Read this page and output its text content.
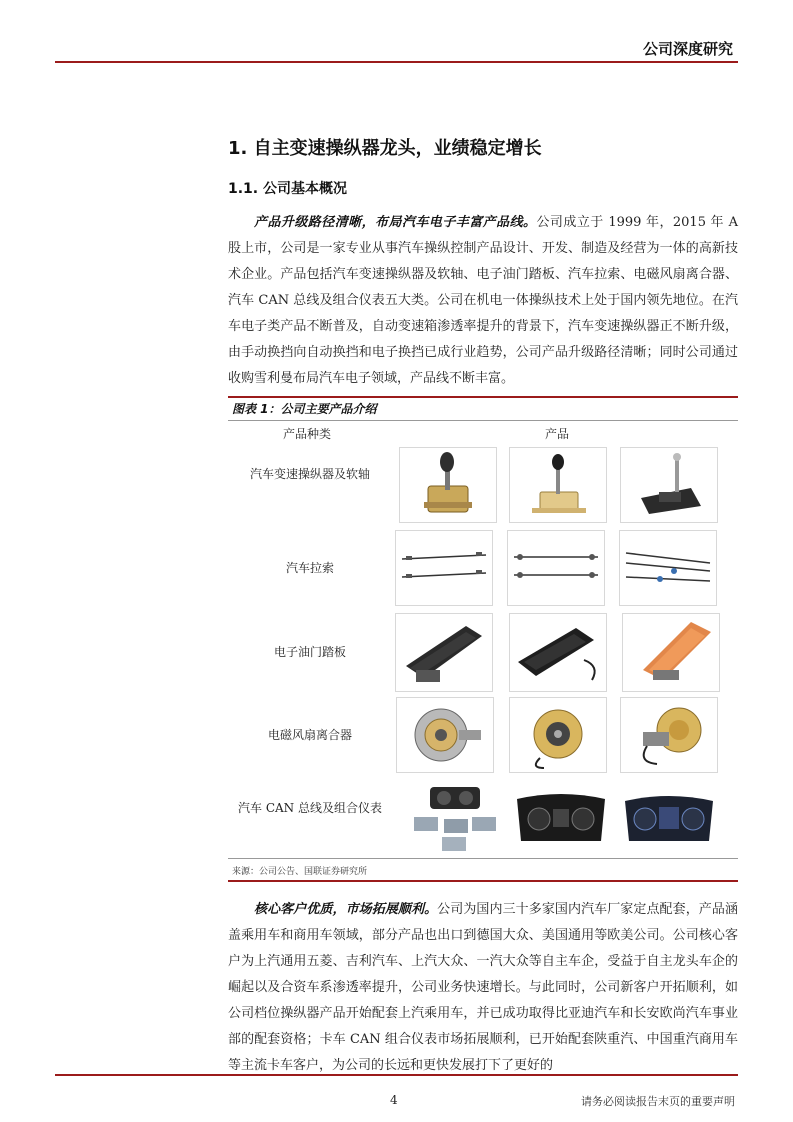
公司深度研究
1. 自主变速操纵器龙头，业绩稳定增长
1.1. 公司基本概况
产品升级路径清晰，布局汽车电子丰富产品线。公司成立于 1999 年，2015 年 A 股上市，公司是一家专业从事汽车操纵控制产品设计、开发、制造及经营为一体的高新技术企业。产品包括汽车变速操纵器及软轴、电子油门踏板、汽车拉索、电磁风扇离合器、汽车 CAN 总线及组合仪表五大类。公司在机电一体操纵技术上处于国内领先地位。在汽车电子类产品不断普及，自动变速箱渗透率提升的背景下，汽车变速操纵器正不断升级，由手动换挡向自动换挡和电子换挡已成行业趋势，公司产品升级路径清晰；同时公司通过收购雪利曼布局汽车电子领域，产品线不断丰富。
图表 1：公司主要产品介绍
产品种类	产品
汽车变速操纵器及软轴
汽车拉索
电子油门踏板
电磁风扇离合器
汽车 CAN 总线及组合仪表
来源：公司公告、国联证券研究所
核心客户优质，市场拓展顺利。公司为国内三十多家国内汽车厂家定点配套，产品涵盖乘用车和商用车领域，部分产品也出口到德国大众、美国通用等欧美公司。公司核心客户为上汽通用五菱、吉利汽车、上汽大众、一汽大众等自主车企，受益于自主龙头车企的崛起以及合资车系渗透率提升，公司业务快速增长。与此同时，公司新客户开拓顺利，如公司档位操纵器产品开始配套上汽乘用车，并已成功取得比亚迪汽车和长安欧尚汽车事业部的配套资格；卡车 CAN 组合仪表市场拓展顺利，已开始配套陕重汽、中国重汽商用车等主流卡车客户，为公司的长远和更快发展打下了更好的
4	请务必阅读报告末页的重要声明
